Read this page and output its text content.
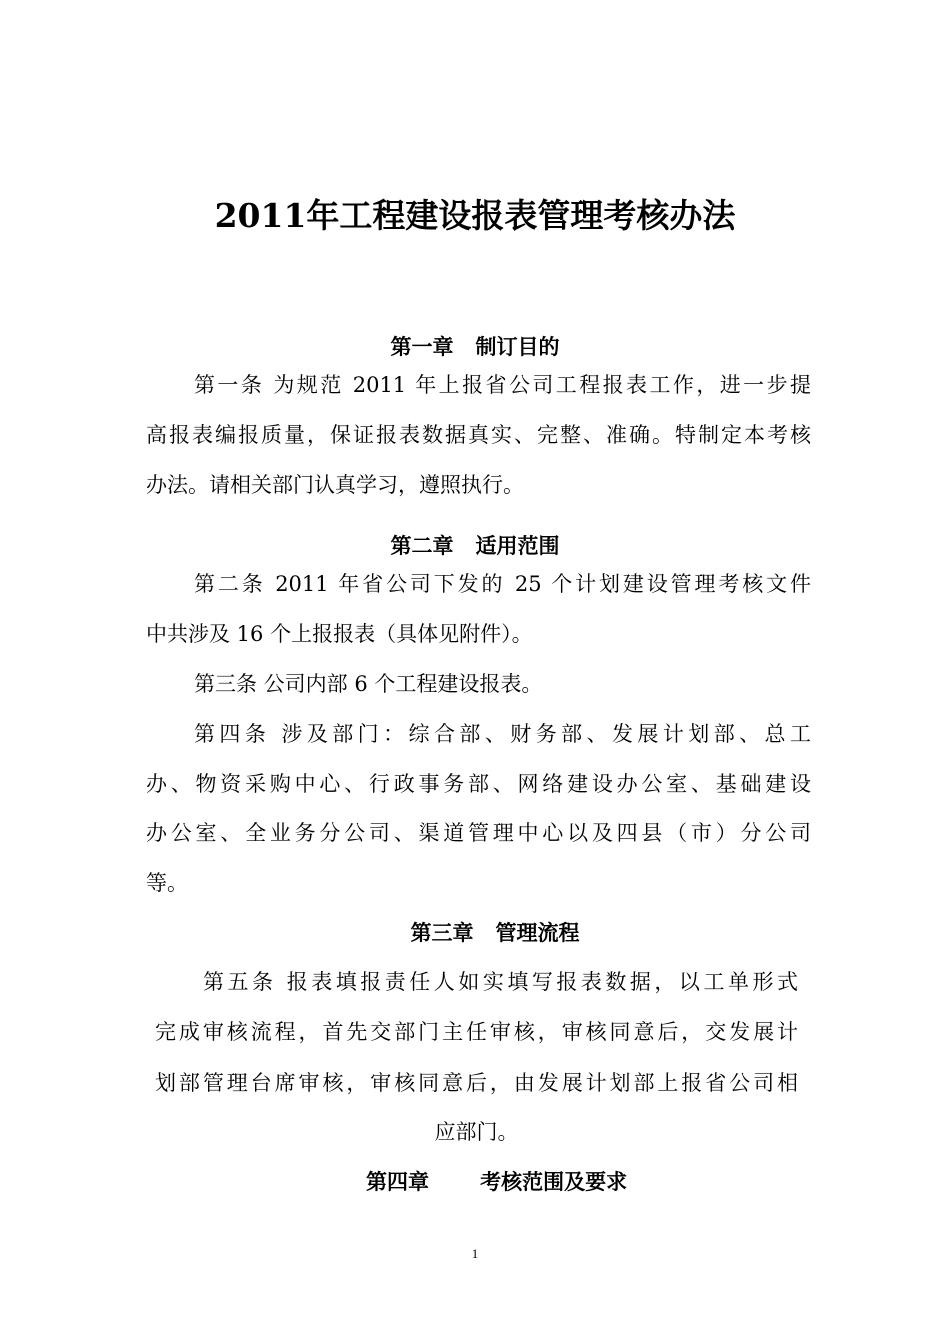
2011年工程建设报表管理考核办法
第一章   制订目的
第一条 为规范 2011 年上报省公司工程报表工作，进一步提
高报表编报质量，保证报表数据真实、完整、准确。特制定本考核
办法。请相关部门认真学习，遵照执行。
第二章   适用范围
第二条 2011 年省公司下发的 25 个计划建设管理考核文件
中共涉及 16 个上报报表（具体见附件）。
第三条 公司内部 6 个工程建设报表。
第四条 涉及部门：综合部、财务部、发展计划部、总工
办、物资采购中心、行政事务部、网络建设办公室、基础建设
办公室、全业务分公司、渠道管理中心以及四县（市）分公司
等。
第三章   管理流程
第五条 报表填报责任人如实填写报表数据，以工单形式
完成审核流程，首先交部门主任审核，审核同意后，交发展计
划部管理台席审核，审核同意后，由发展计划部上报省公司相
应部门。
第四章       考核范围及要求
1
